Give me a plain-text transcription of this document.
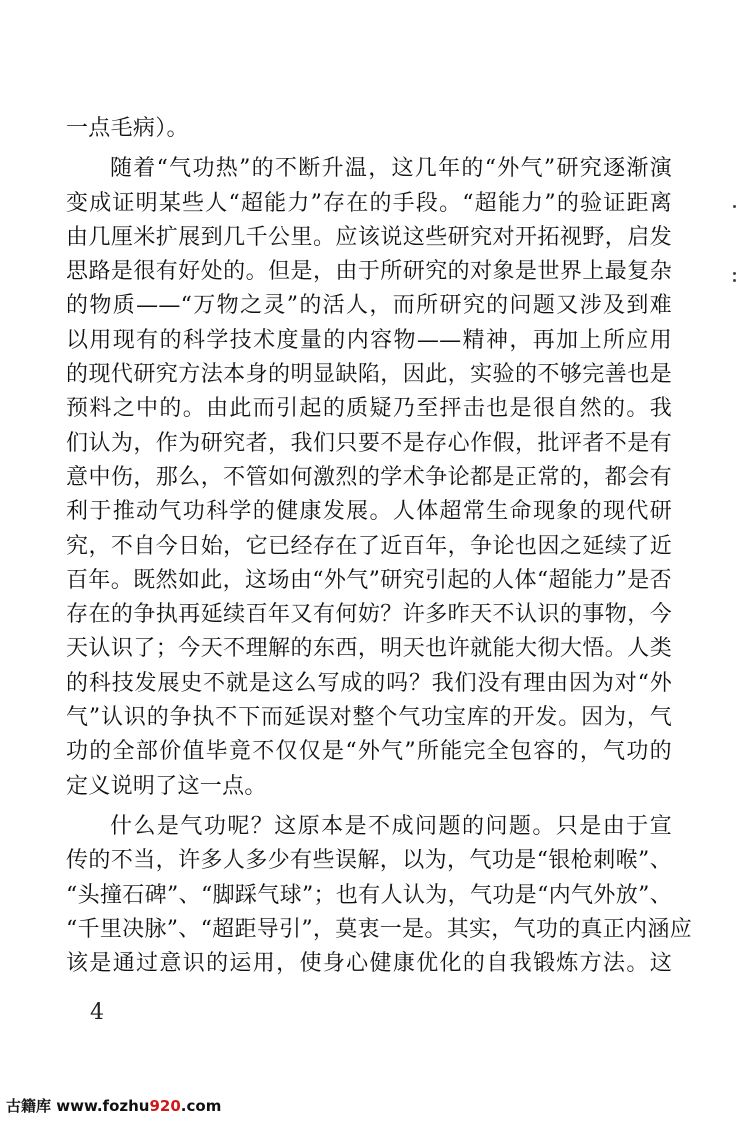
一点毛病）。
随着“气功热”的不断升温，这几年的“外气”研究逐渐演
变成证明某些人“超能力”存在的手段。“超能力”的验证距离
由几厘米扩展到几千公里。应该说这些研究对开拓视野，启发
思路是很有好处的。但是，由于所研究的对象是世界上最复杂
的物质——“万物之灵”的活人，而所研究的问题又涉及到难
以用现有的科学技术度量的内容物——精神，再加上所应用
的现代研究方法本身的明显缺陷，因此，实验的不够完善也是
预料之中的。由此而引起的质疑乃至抨击也是很自然的。我
们认为，作为研究者，我们只要不是存心作假，批评者不是有
意中伤，那么，不管如何激烈的学术争论都是正常的，都会有
利于推动气功科学的健康发展。人体超常生命现象的现代研
究，不自今日始，它已经存在了近百年，争论也因之延续了近
百年。既然如此，这场由“外气”研究引起的人体“超能力”是否
存在的争执再延续百年又有何妨？许多昨天不认识的事物，今
天认识了；今天不理解的东西，明天也许就能大彻大悟。人类
的科技发展史不就是这么写成的吗？我们没有理由因为对“外
气”认识的争执不下而延误对整个气功宝库的开发。因为，气
功的全部价值毕竟不仅仅是“外气”所能完全包容的，气功的
定义说明了这一点。
什么是气功呢？这原本是不成问题的问题。只是由于宣
传的不当，许多人多少有些误解，以为，气功是“银枪刺喉”、
“头撞石碑”、“脚踩气球”；也有人认为，气功是“内气外放”、
“千里决脉”、“超距导引”，莫衷一是。其实，气功的真正内涵应
该是通过意识的运用，使身心健康优化的自我锻炼方法。这
4
古籍库 www.fozhu920.com
